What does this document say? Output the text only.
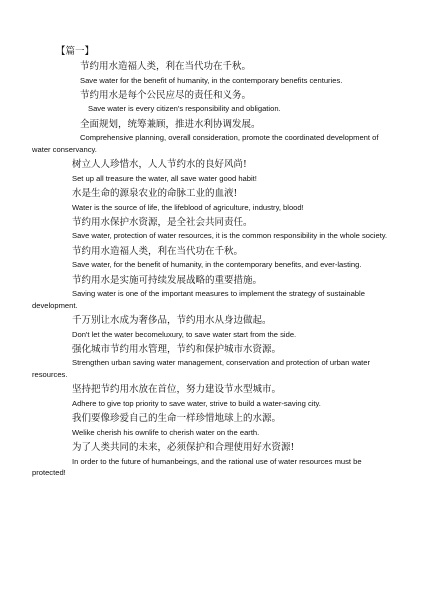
【篇一】
节约用水造福人类，利在当代功在千秋。
Save water for the benefit of humanity, in the contemporary benefits centuries.
节约用水是每个公民应尽的责任和义务。
Save water is every citizen's responsibility and obligation.
全面规划，统筹兼顾，推进水利协调发展。
Comprehensive planning, overall consideration, promote the coordinated development of water conservancy.
树立人人珍惜水，人人节约水的良好风尚!
Set up all treasure the water, all save water good habit!
水是生命的源泉农业的命脉工业的血液!
Water is the source of life, the lifeblood of agriculture, industry, blood!
节约用水保护水资源，是全社会共同责任。
Save water, protection of water resources, it is the common responsibility in the whole society.
节约用水造福人类，利在当代功在千秋。
Save water, for the benefit of humanity, in the contemporary benefits, and ever-lasting.
节约用水是实施可持续发展战略的重要措施。
Saving water is one of the important measures to implement the strategy of sustainable development.
千万别让水成为奢侈品，节约用水从身边做起。
Don't let the water becomeluxury, to save water start from the side.
强化城市节约用水管理，节约和保护城市水资源。
Strengthen urban saving water management, conservation and protection of urban water resources.
坚持把节约用水放在首位，努力建设节水型城市。
Adhere to give top priority to save water, strive to build a water-saving city.
我们要像珍爱自己的生命一样珍惜地球上的水源。
Welike cherish his ownlife to cherish water on the earth.
为了人类共同的未来，必须保护和合理使用好水资源!
In order to the future of humanbeings, and the rational use of water resources must be protected!
